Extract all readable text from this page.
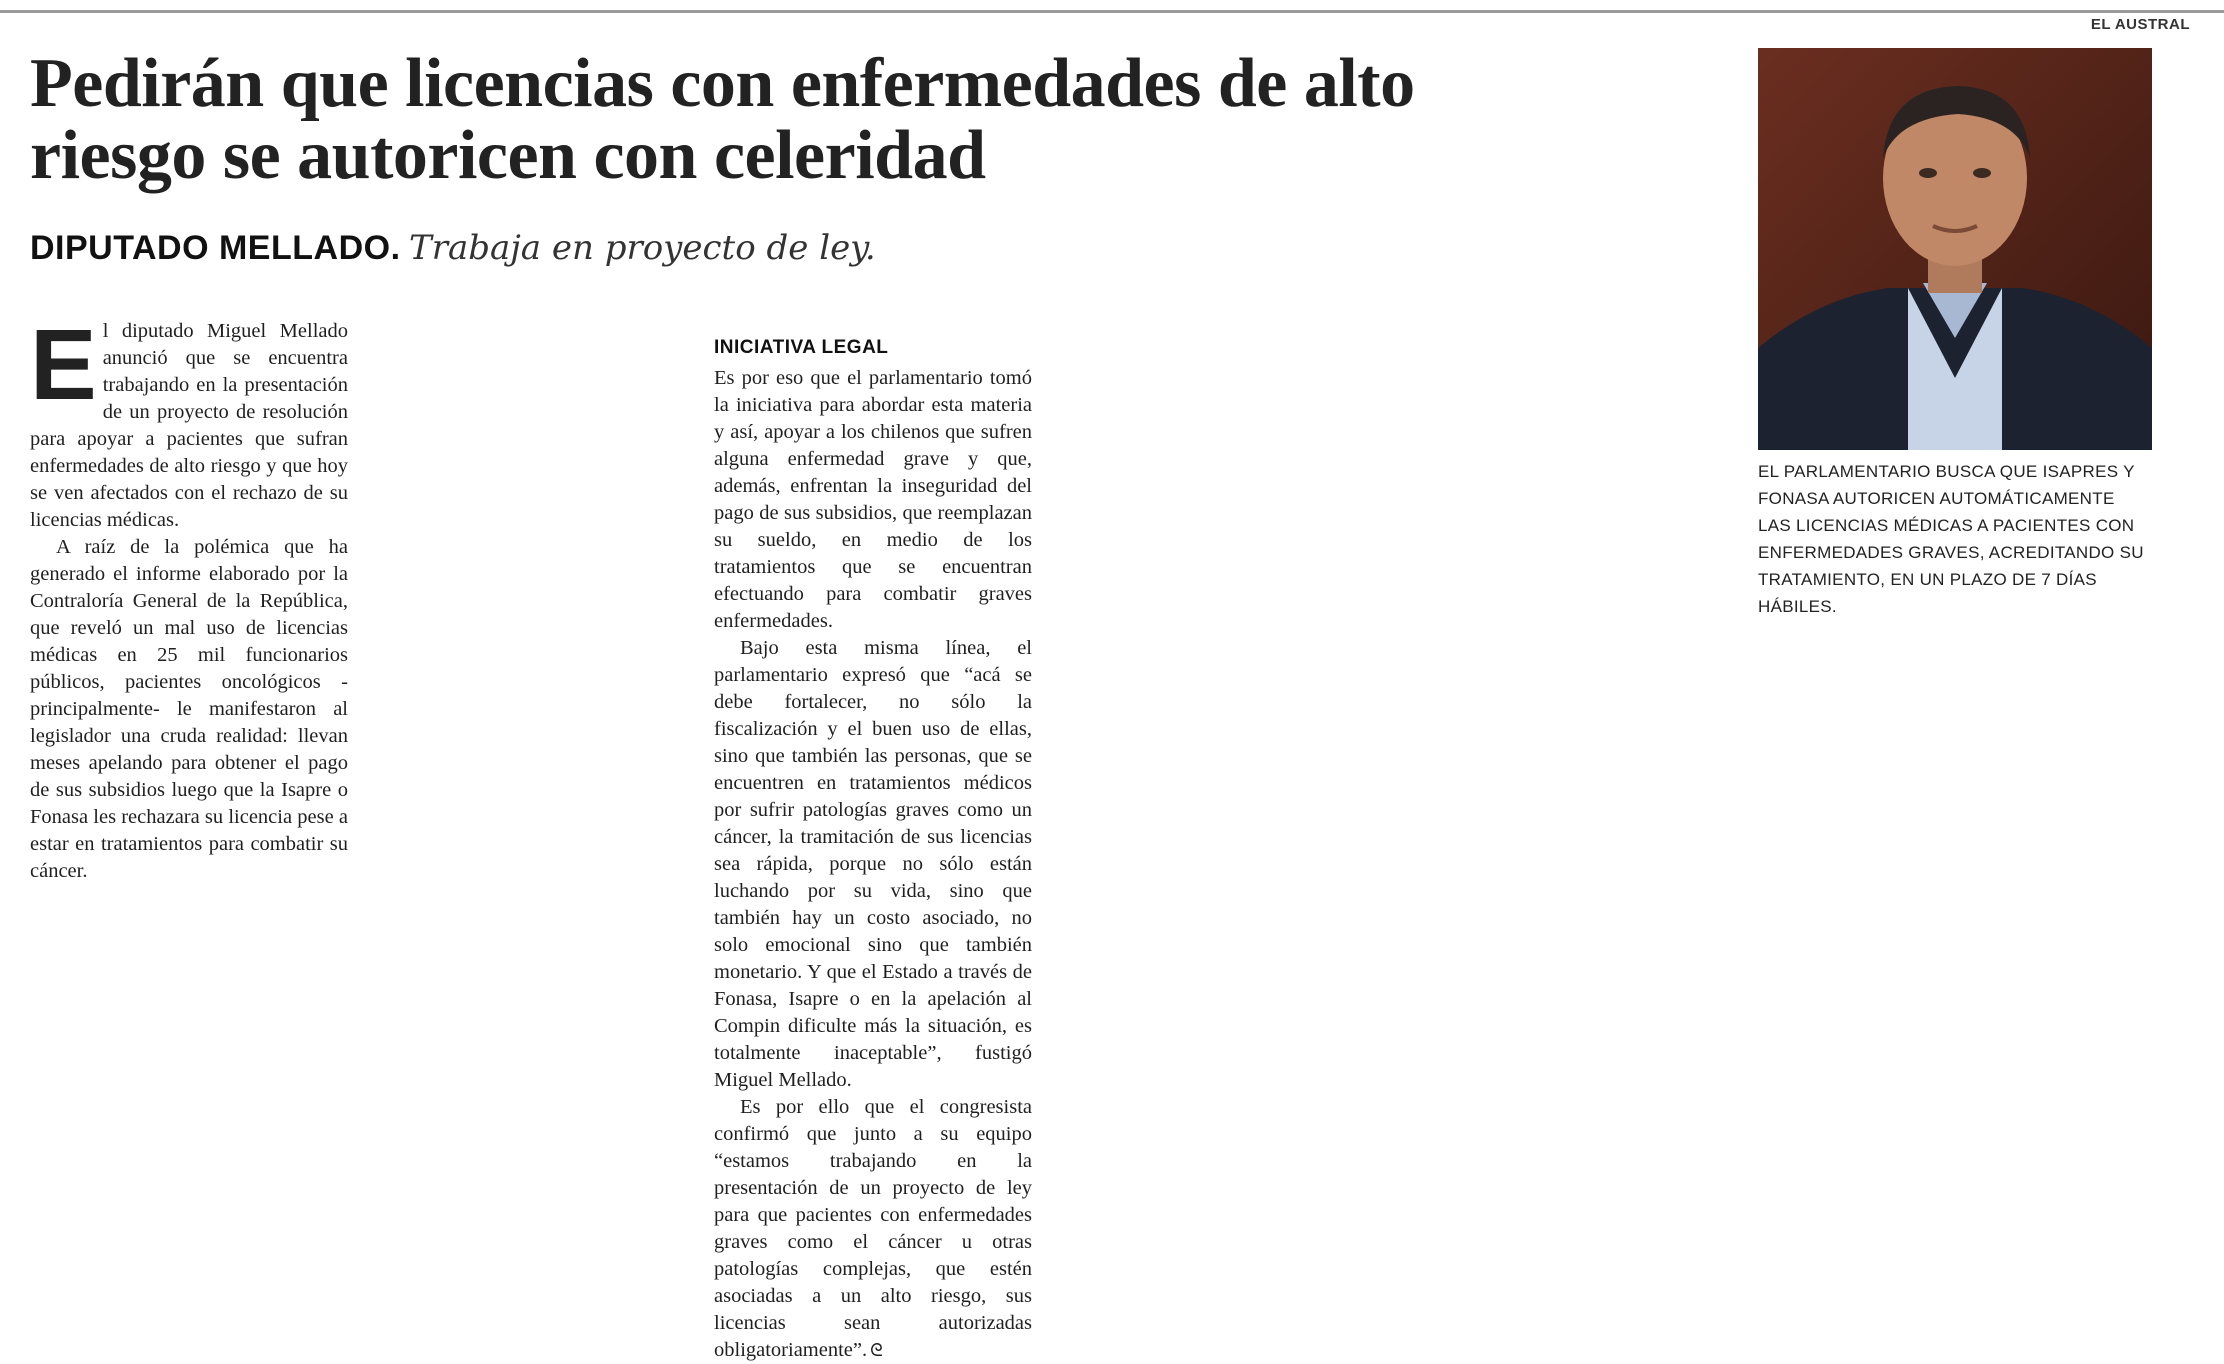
EL AUSTRAL
Pedirán que licencias con enfermedades de alto riesgo se autoricen con celeridad
DIPUTADO MELLADO. Trabaja en proyecto de ley.

E l diputado Miguel Mellado anunció que se encuentra trabajando en la presentación de un proyecto de resolución para apoyar a pacientes que sufran enfermedades de alto riesgo y que hoy se ven afectados con el rechazo de su licencias médicas.

A raíz de la polémica que ha generado el informe elaborado por la Contraloría General de la República, que reveló un mal uso de licencias médicas en 25 mil funcionarios públicos, pacientes oncológicos -principalmente- le manifestaron al legislador una cruda realidad: llevan meses apelando para obtener el pago de sus subsidios luego que la Isapre o Fonasa les rechazara su licencia pese a estar en tratamientos para combatir su cáncer.

INICIATIVA LEGAL

Es por eso que el parlamentario tomó la iniciativa para abordar esta materia y así, apoyar a los chilenos que sufren alguna enfermedad grave y que, además, enfrentan la inseguridad del pago de sus subsidios, que reemplazan su sueldo, en medio de los tratamientos que se encuentran efectuando para combatir graves enfermedades.

Bajo esta misma línea, el parlamentario expresó que “acá se debe fortalecer, no sólo la fiscalización y el buen uso de ellas, sino que también las personas, que se encuentren en tratamientos médicos por sufrir patologías graves como un cáncer, la tramitación de sus licencias sea rápida, porque no sólo están luchando por su vida, sino que también hay un costo asociado, no solo emocional sino que también monetario. Y que el Estado a través de Fonasa, Isapre o en la apelación al Compin dificulte más la situación, es totalmente inaceptable”, fustigó Miguel Mellado.

Es por ello que el congresista confirmó que junto a su equipo “estamos trabajando en la presentación de un proyecto de ley para que pacientes con enfermedades graves como el cáncer u otras patologías complejas, que estén asociadas a un alto riesgo, sus licencias sean autorizadas obligatoriamente”. ᘓ

EL PARLAMENTARIO BUSCA QUE ISAPRES Y FONASA AUTORICEN AUTOMÁTICAMENTE LAS LICENCIAS MÉDICAS A PACIENTES CON ENFERMEDADES GRAVES, ACREDITANDO SU TRATAMIENTO, EN UN PLAZO DE 7 DÍAS HÁBILES.
